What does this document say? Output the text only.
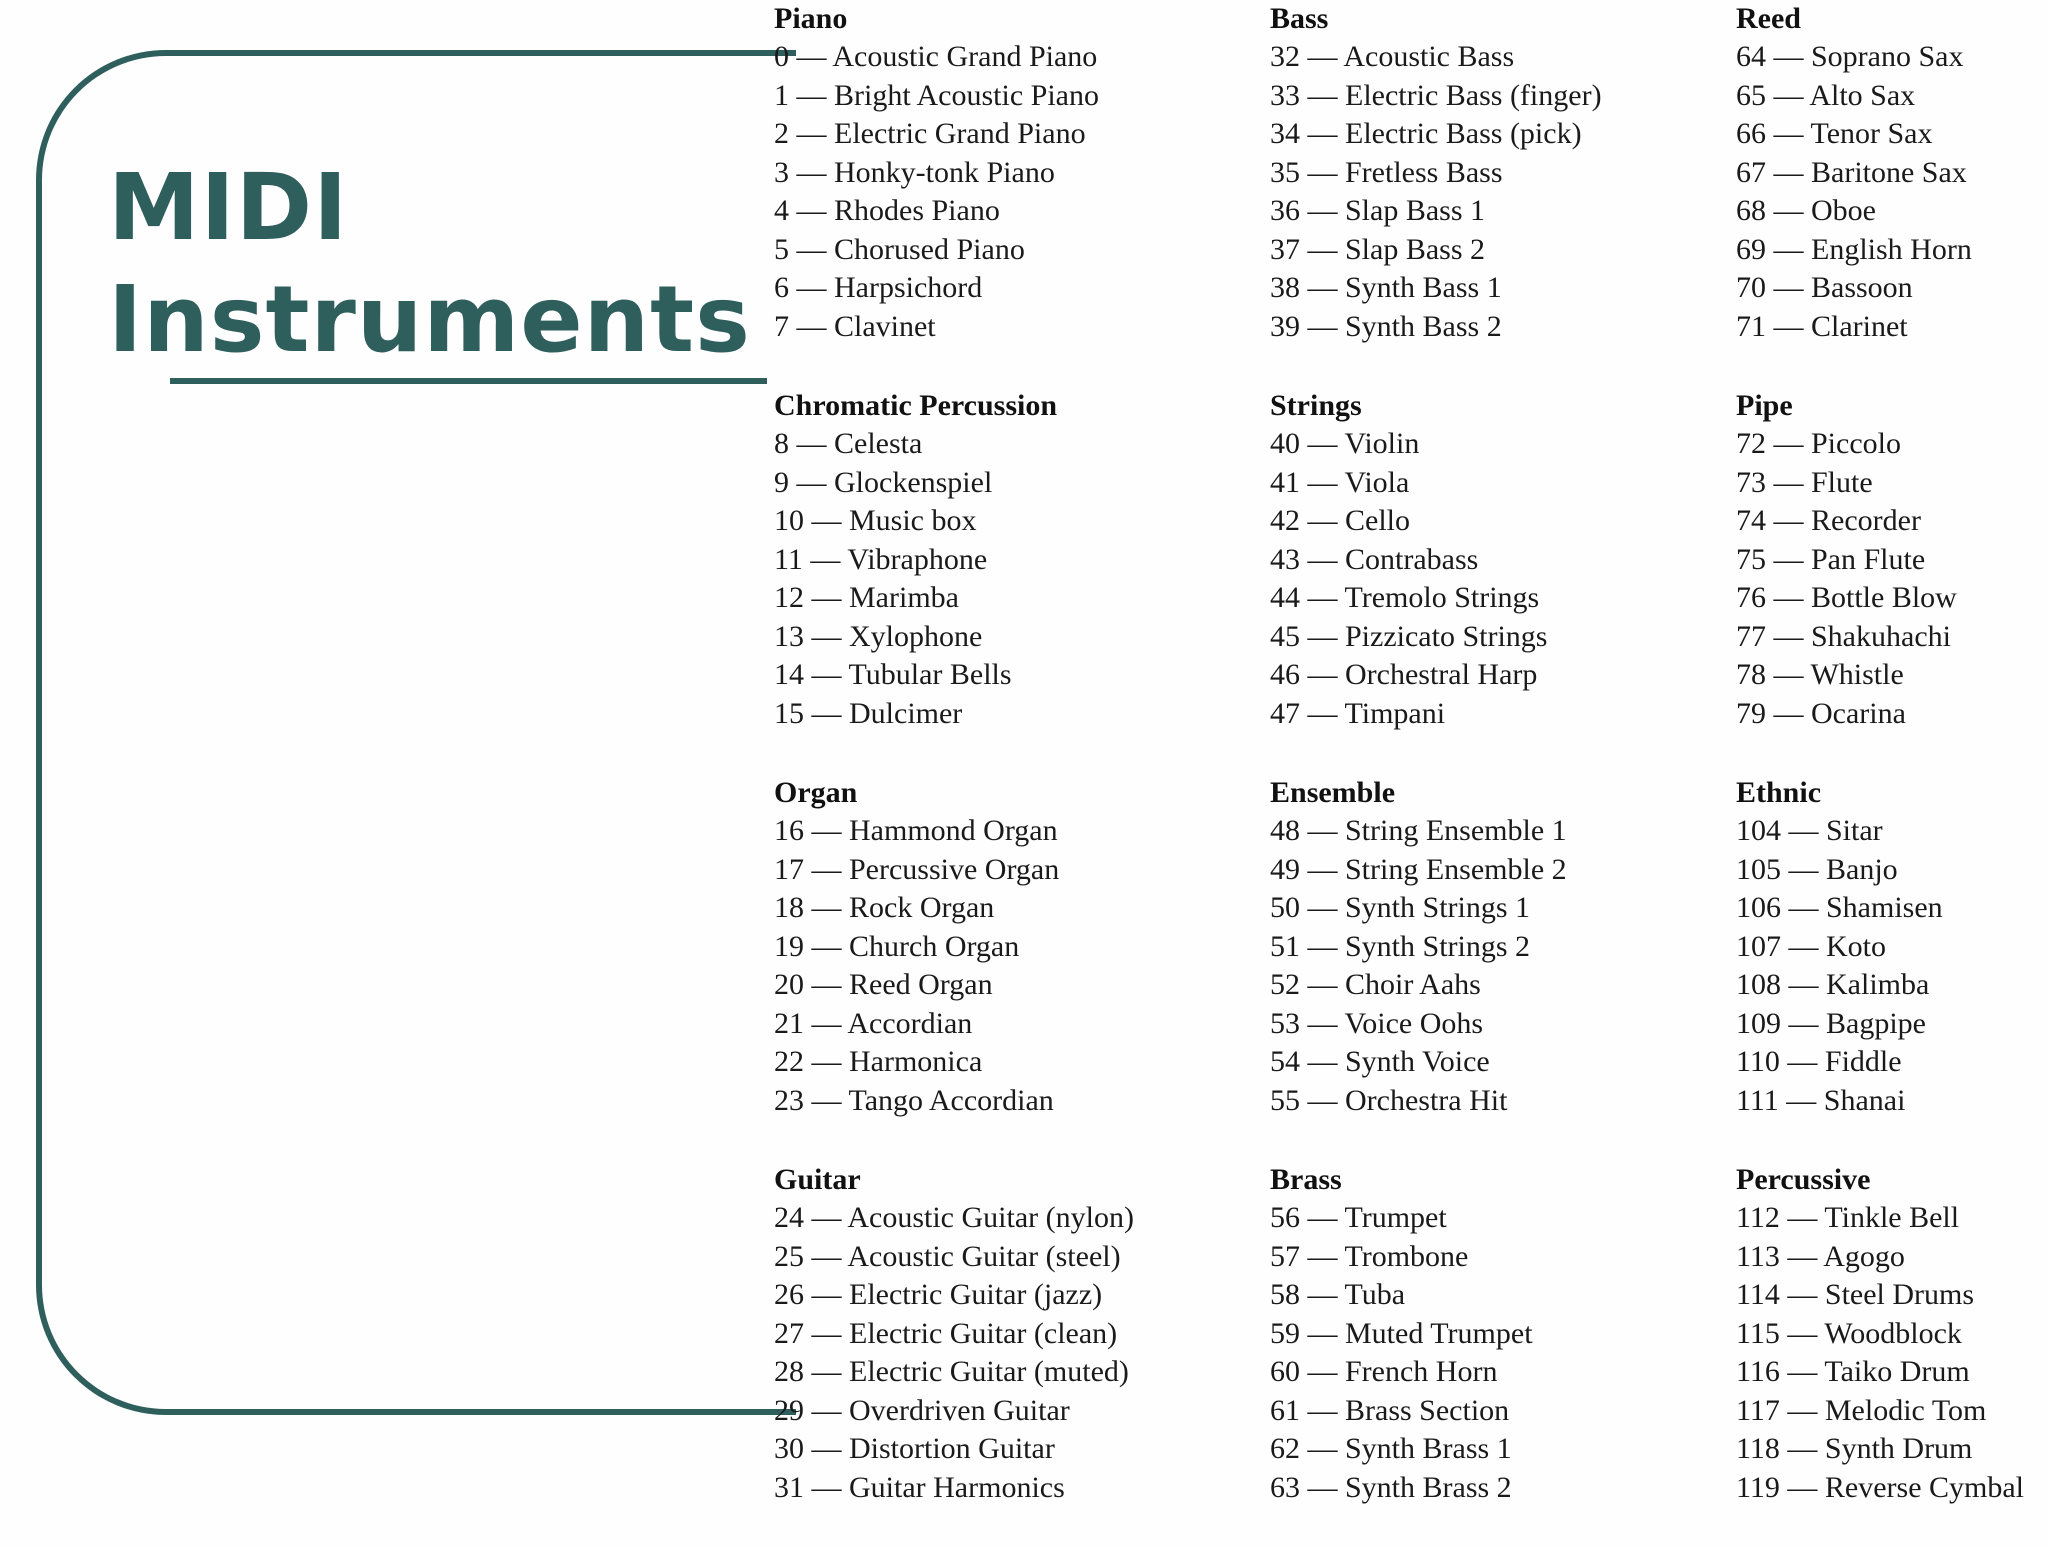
MIDI
Instruments
Piano
0 — Acoustic Grand Piano
1 — Bright Acoustic Piano
2 — Electric Grand Piano
3 — Honky-tonk Piano
4 — Rhodes Piano
5 — Chorused Piano
6 — Harpsichord
7 — Clavinet
Chromatic Percussion
8 — Celesta
9 — Glockenspiel
10 — Music box
11 — Vibraphone
12 — Marimba
13 — Xylophone
14 — Tubular Bells
15 — Dulcimer
Organ
16 — Hammond Organ
17 — Percussive Organ
18 — Rock Organ
19 — Church Organ
20 — Reed Organ
21 — Accordian
22 — Harmonica
23 — Tango Accordian
Guitar
24 — Acoustic Guitar (nylon)
25 — Acoustic Guitar (steel)
26 — Electric Guitar (jazz)
27 — Electric Guitar (clean)
28 — Electric Guitar (muted)
29 — Overdriven Guitar
30 — Distortion Guitar
31 — Guitar Harmonics
Bass
32 — Acoustic Bass
33 — Electric Bass (finger)
34 — Electric Bass (pick)
35 — Fretless Bass
36 — Slap Bass 1
37 — Slap Bass 2
38 — Synth Bass 1
39 — Synth Bass 2
Strings
40 — Violin
41 — Viola
42 — Cello
43 — Contrabass
44 — Tremolo Strings
45 — Pizzicato Strings
46 — Orchestral Harp
47 — Timpani
Ensemble
48 — String Ensemble 1
49 — String Ensemble 2
50 — Synth Strings 1
51 — Synth Strings 2
52 — Choir Aahs
53 — Voice Oohs
54 — Synth Voice
55 — Orchestra Hit
Brass
56 — Trumpet
57 — Trombone
58 — Tuba
59 — Muted Trumpet
60 — French Horn
61 — Brass Section
62 — Synth Brass 1
63 — Synth Brass 2
Reed
64 — Soprano Sax
65 — Alto Sax
66 — Tenor Sax
67 — Baritone Sax
68 — Oboe
69 — English Horn
70 — Bassoon
71 — Clarinet
Pipe
72 — Piccolo
73 — Flute
74 — Recorder
75 — Pan Flute
76 — Bottle Blow
77 — Shakuhachi
78 — Whistle
79 — Ocarina
Ethnic
104 — Sitar
105 — Banjo
106 — Shamisen
107 — Koto
108 — Kalimba
109 — Bagpipe
110 — Fiddle
111 — Shanai
Percussive
112 — Tinkle Bell
113 — Agogo
114 — Steel Drums
115 — Woodblock
116 — Taiko Drum
117 — Melodic Tom
118 — Synth Drum
119 — Reverse Cymbal
